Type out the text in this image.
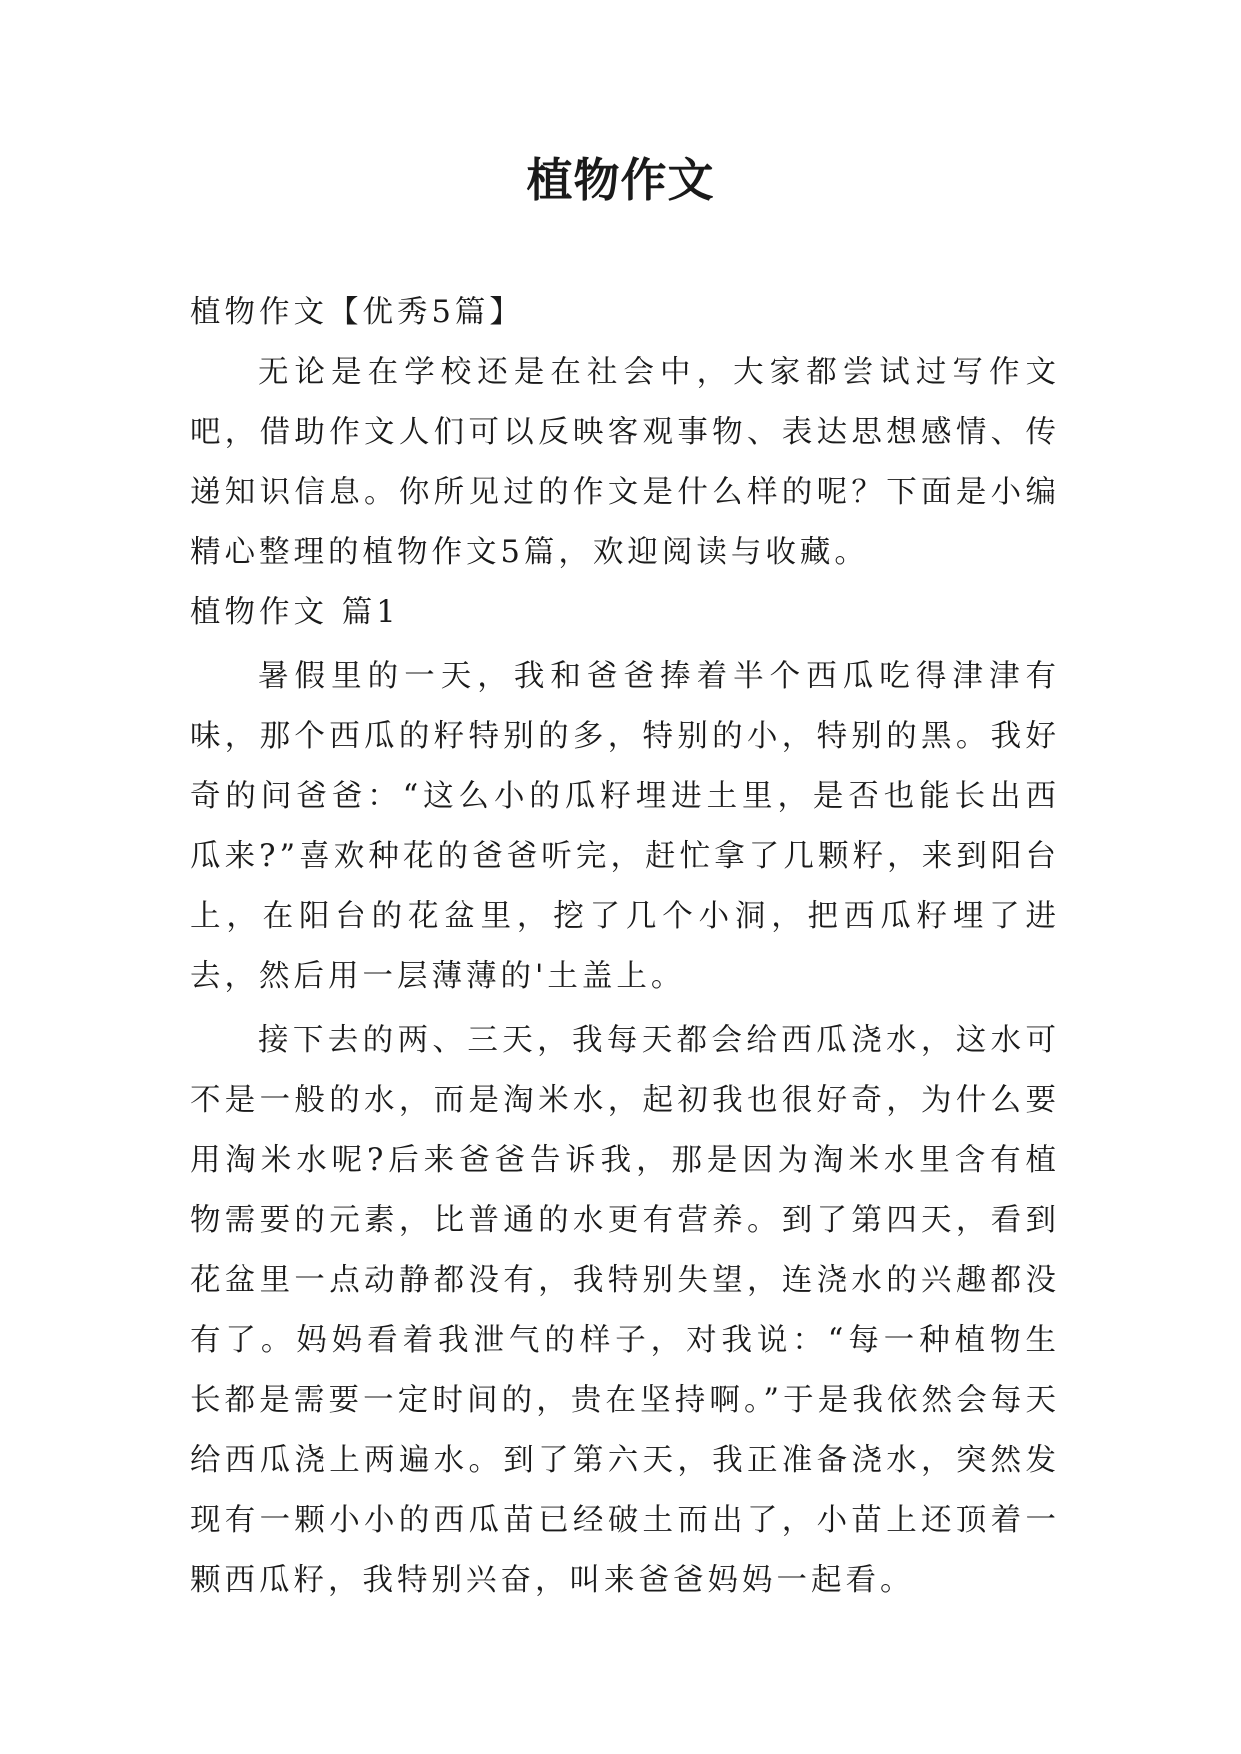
植物作文

植物作文【优秀5篇】

无论是在学校还是在社会中，大家都尝试过写作文吧，借助作文人们可以反映客观事物、表达思想感情、传递知识信息。你所见过的作文是什么样的呢？下面是小编精心整理的植物作文5篇，欢迎阅读与收藏。

植物作文 篇1

暑假里的一天，我和爸爸捧着半个西瓜吃得津津有味，那个西瓜的籽特别的多，特别的小，特别的黑。我好奇的问爸爸：“这么小的瓜籽埋进土里，是否也能长出西瓜来?”喜欢种花的爸爸听完，赶忙拿了几颗籽，来到阳台上，在阳台的花盆里，挖了几个小洞，把西瓜籽埋了进去，然后用一层薄薄的'土盖上。

接下去的两、三天，我每天都会给西瓜浇水，这水可不是一般的水，而是淘米水，起初我也很好奇，为什么要用淘米水呢?后来爸爸告诉我，那是因为淘米水里含有植物需要的元素，比普通的水更有营养。到了第四天，看到花盆里一点动静都没有，我特别失望，连浇水的兴趣都没有了。妈妈看着我泄气的样子，对我说：“每一种植物生长都是需要一定时间的，贵在坚持啊。”于是我依然会每天给西瓜浇上两遍水。到了第六天，我正准备浇水，突然发现有一颗小小的西瓜苗已经破土而出了，小苗上还顶着一颗西瓜籽，我特别兴奋，叫来爸爸妈妈一起看。
